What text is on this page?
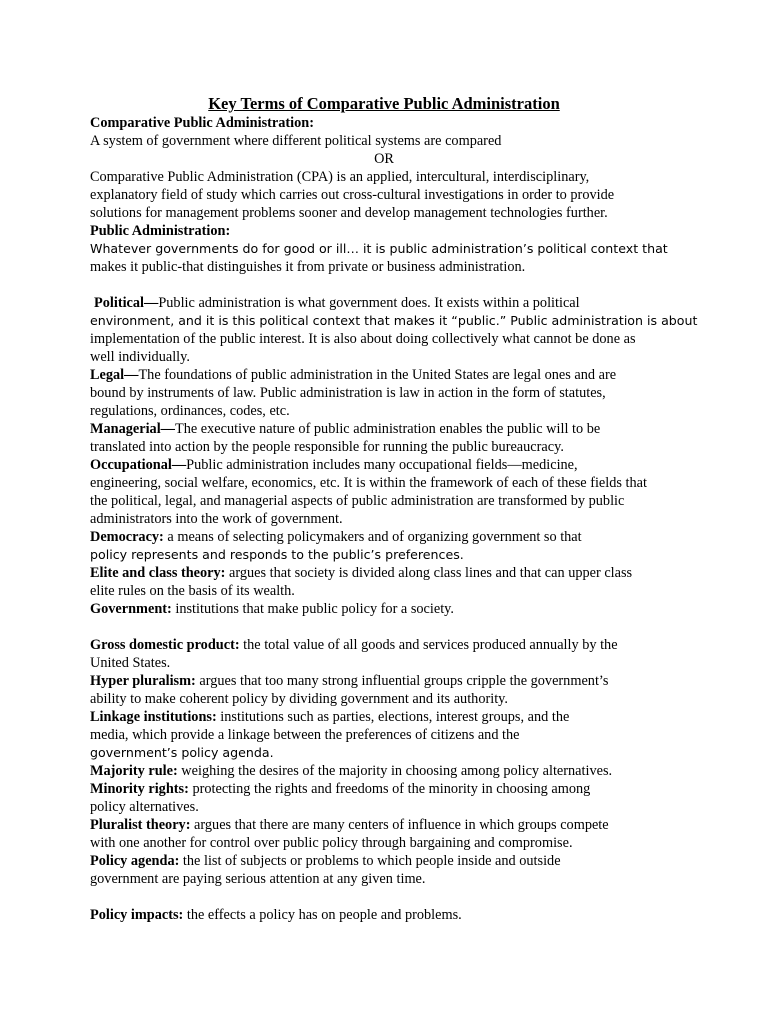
Key Terms of Comparative Public Administration
Comparative Public Administration:
A system of government where different political systems are compared
OR
Comparative Public Administration (CPA) is an applied, intercultural, interdisciplinary,
explanatory field of study which carries out cross-cultural investigations in order to provide
solutions for management problems sooner and develop management technologies further.
Public Administration:
Whatever governments do for good or ill… it is public administration’s political context that
makes it public-that distinguishes it from private or business administration.
Political—Public administration is what government does. It exists within a political
environment, and it is this political context that makes it “public.” Public administration is about
implementation of the public interest. It is also about doing collectively what cannot be done as
well individually.
Legal—The foundations of public administration in the United States are legal ones and are
bound by instruments of law. Public administration is law in action in the form of statutes,
regulations, ordinances, codes, etc.
Managerial—The executive nature of public administration enables the public will to be
translated into action by the people responsible for running the public bureaucracy.
Occupational—Public administration includes many occupational fields—medicine,
engineering, social welfare, economics, etc. It is within the framework of each of these fields that
the political, legal, and managerial aspects of public administration are transformed by public
administrators into the work of government.
Democracy: a means of selecting policymakers and of organizing government so that
policy represents and responds to the public’s preferences.
Elite and class theory: argues that society is divided along class lines and that can upper class
elite rules on the basis of its wealth.
Government: institutions that make public policy for a society.
Gross domestic product: the total value of all goods and services produced annually by the
United States.
Hyper pluralism: argues that too many strong influential groups cripple the government’s
ability to make coherent policy by dividing government and its authority.
Linkage institutions: institutions such as parties, elections, interest groups, and the
media, which provide a linkage between the preferences of citizens and the
government’s policy agenda.
Majority rule: weighing the desires of the majority in choosing among policy alternatives.
Minority rights: protecting the rights and freedoms of the minority in choosing among
policy alternatives.
Pluralist theory: argues that there are many centers of influence in which groups compete
with one another for control over public policy through bargaining and compromise.
Policy agenda: the list of subjects or problems to which people inside and outside
government are paying serious attention at any given time.
Policy impacts: the effects a policy has on people and problems.
